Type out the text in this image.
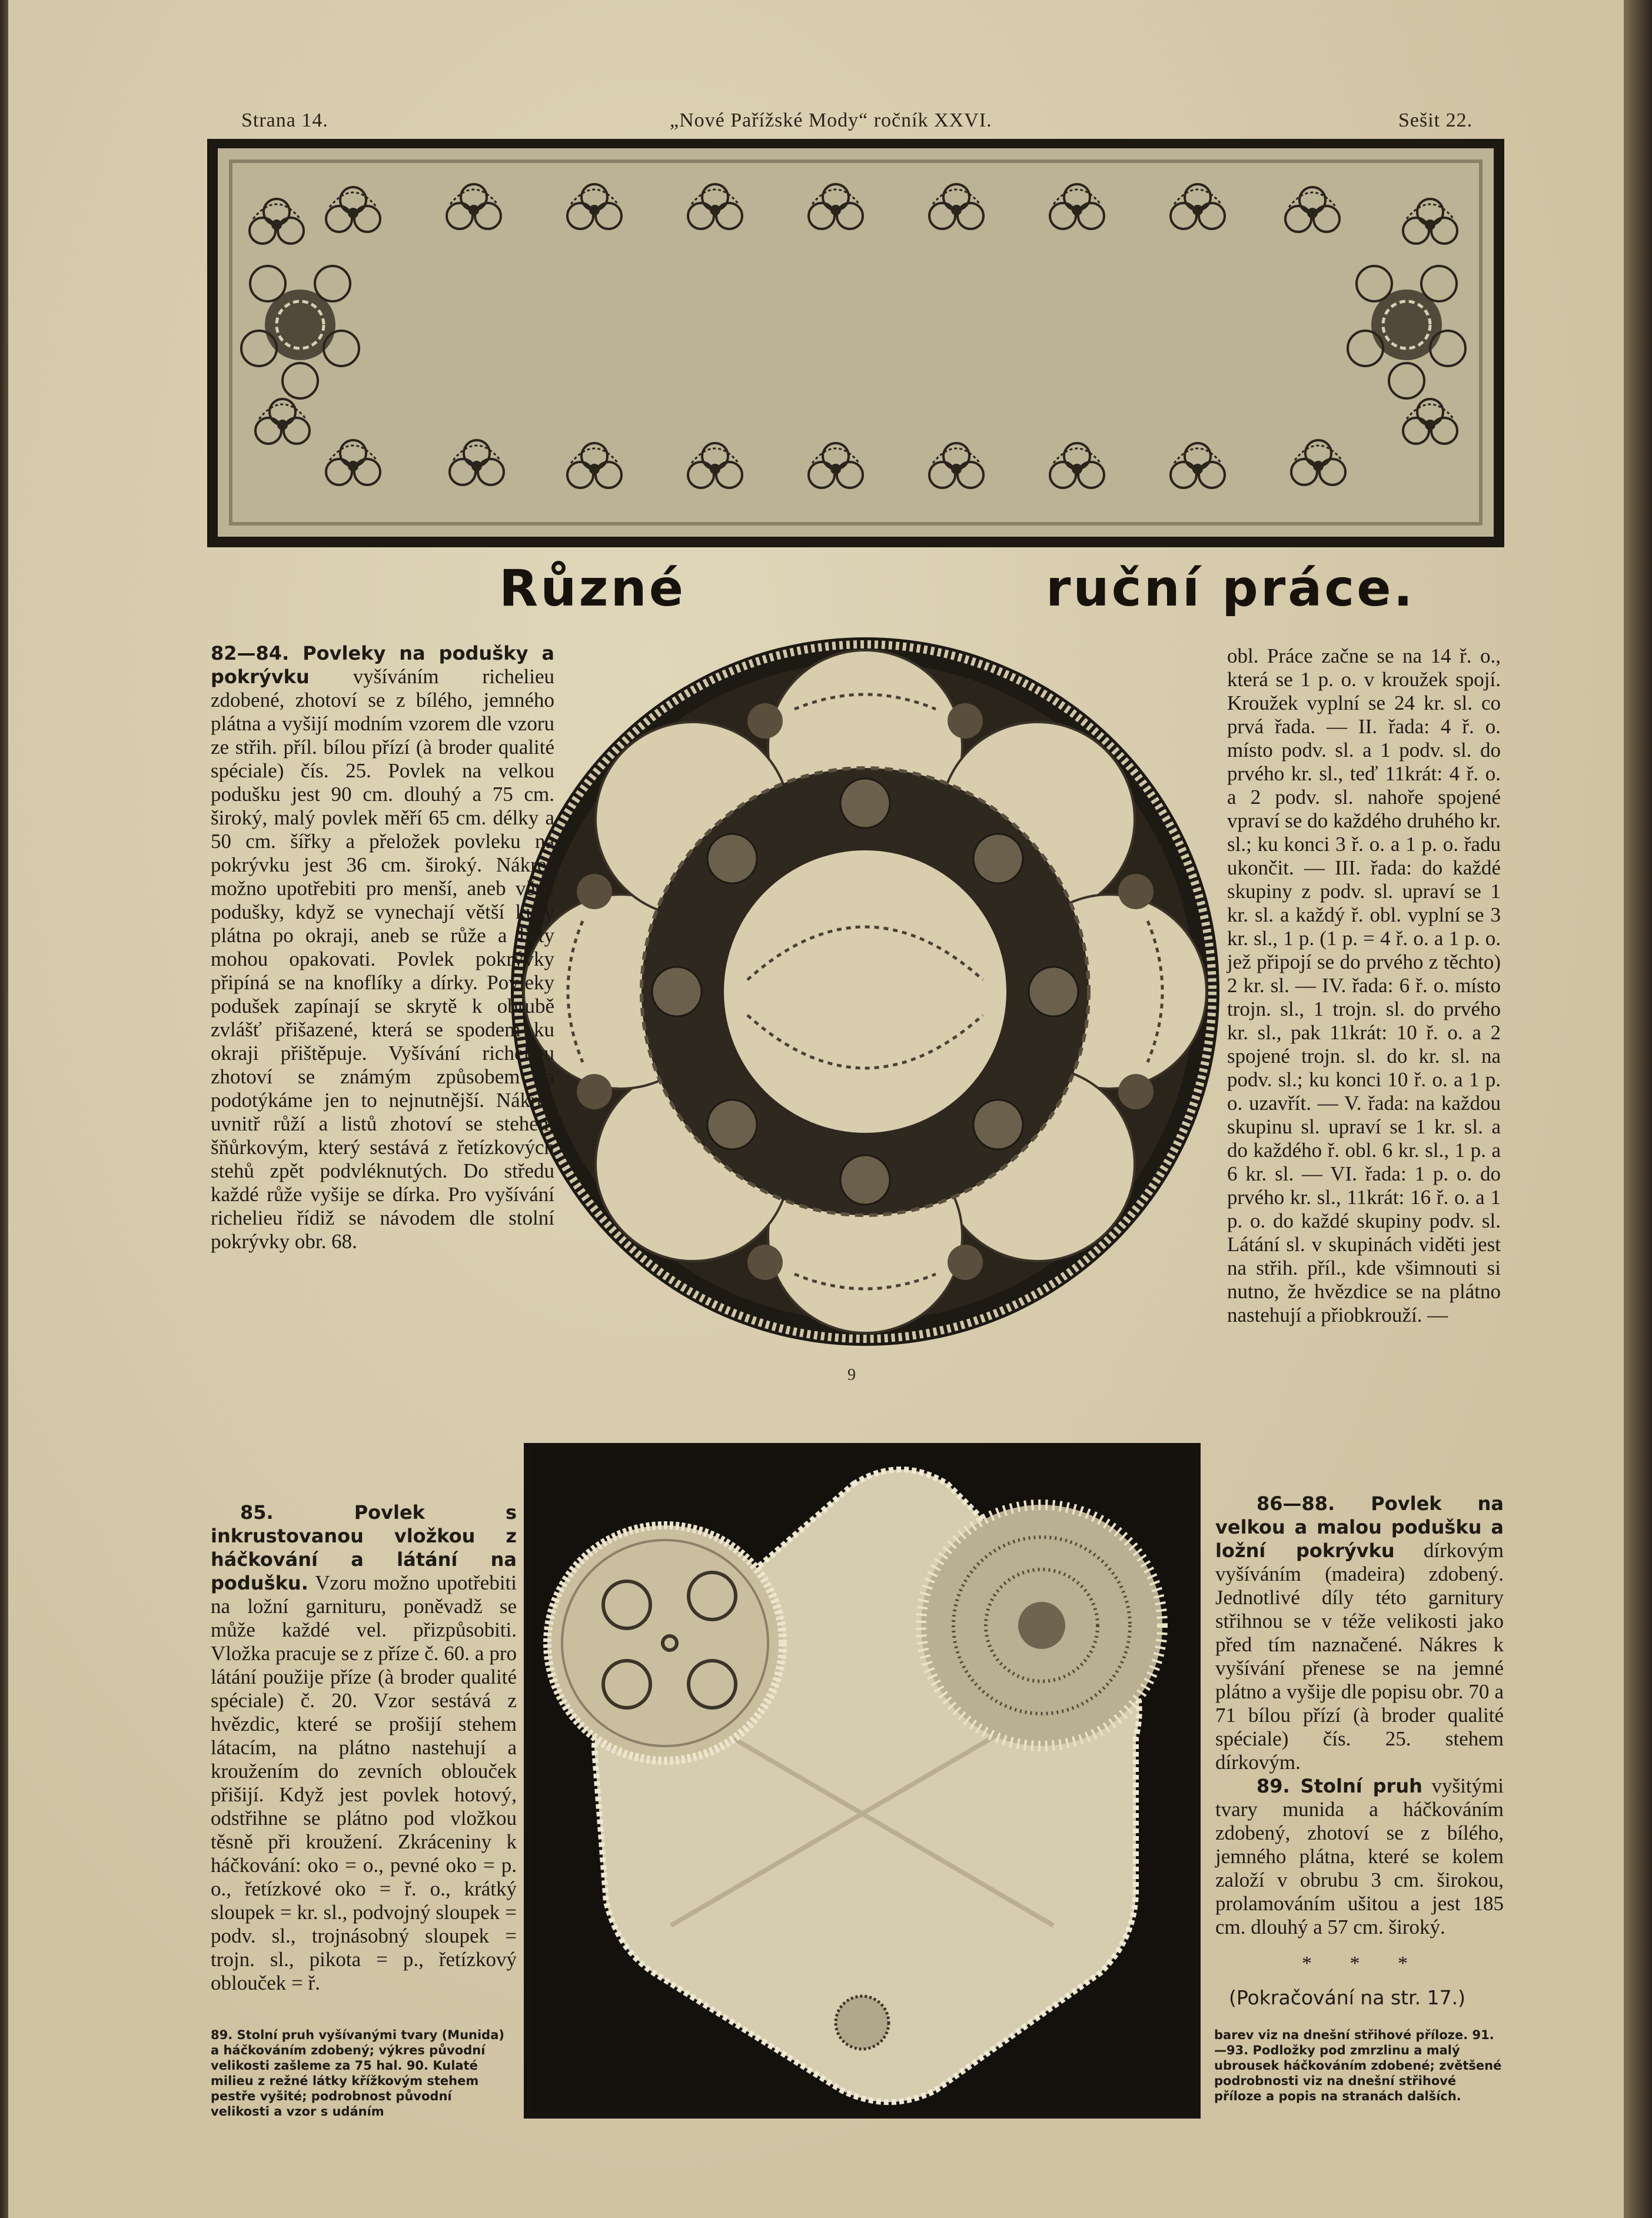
Strana 14.	„Nové Pařížské Mody“ ročník XXVI.	Sešit 22.
Různé	ruční práce.
9

82—84. Povleky na podušky a pokrývku vyšíváním richelieu zdobené, zhotoví se z bílého, jemného plátna a vyšijí modním vzorem dle vzoru ze střih. příl. bílou přízí (à broder qualité spéciale) čís. 25. Povlek na velkou podušku jest 90 cm. dlouhý a 75 cm. široký, malý povlek měří 65 cm. délky a 50 cm. šířky a přeložek povleku na pokrývku jest 36 cm. široký. Nákres možno upotřebiti pro menší, aneb větší podušky, když se vynechají větší kusy plátna po okraji, aneb se růže a listy mohou opakovati. Povlek pokrývky připíná se na knoflíky a dírky. Povleky podušek zapínají se skrytě k obrubě zvlášť přišazené, která se spodem ku okraji přištěpuje. Vyšívání richelieu zhotoví se známým způsobem a podotýkáme jen to nejnutnější. Nákres uvnitř růží a listů zhotoví se stehem šňůrkovým, který sestává z řetízkových stehů zpět podvléknutých. Do středu každé růže vyšije se dírka. Pro vyšívání richelieu řídiž se návodem dle stolní pokrývky obr. 68.

85. Povlek s inkrustovanou vložkou z háčkování a látání na podušku. Vzoru možno upotřebiti na ložní garnituru, poněvadž se může každé vel. přizpůsobiti. Vložka pracuje se z příze č. 60. a pro látání použije příze (à broder qualité spéciale) č. 20. Vzor sestává z hvězdic, které se prošijí stehem látacím, na plátno nastehují a kroužením do zevních oblouček přišijí. Když jest povlek hotový, odstřihne se plátno pod vložkou těsně při kroužení. Zkráceniny k háčkování: oko = o., pevné oko = p. o., řetízkové oko = ř. o., krátký sloupek = kr. sl., podvojný sloupek = podv. sl., trojnásobný sloupek = trojn. sl., pikota = p., řetízkový oblouček = ř.

obl. Práce začne se na 14 ř. o., která se 1 p. o. v kroužek spojí. Kroužek vyplní se 24 kr. sl. co prvá řada. — II. řada: 4 ř. o. místo podv. sl. a 1 podv. sl. do prvého kr. sl., teď 11krát: 4 ř. o. a 2 podv. sl. nahoře spojené vpraví se do každého druhého kr. sl.; ku konci 3 ř. o. a 1 p. o. řadu ukončit. — III. řada: do každé skupiny z podv. sl. upraví se 1 kr. sl. a každý ř. obl. vyplní se 3 kr. sl., 1 p. (1 p. = 4 ř. o. a 1 p. o. jež připojí se do prvého z těchto) 2 kr. sl. — IV. řada: 6 ř. o. místo trojn. sl., 1 trojn. sl. do prvého kr. sl., pak 11krát: 10 ř. o. a 2 spojené trojn. sl. do kr. sl. na podv. sl.; ku konci 10 ř. o. a 1 p. o. uzavřít. — V. řada: na každou skupinu sl. upraví se 1 kr. sl. a do každého ř. obl. 6 kr. sl., 1 p. a 6 kr. sl. — VI. řada: 1 p. o. do prvého kr. sl., 11krát: 16 ř. o. a 1 p. o. do každé skupiny podv. sl. Látání sl. v skupinách viděti jest na střih. příl., kde všimnouti si nutno, že hvězdice se na plátno nastehují a přiobkrouží. —

86—88. Povlek na velkou a malou podušku a ložní pokrývku dírkovým vyšíváním (madeira) zdobený. Jednotlivé díly této garnitury střihnou se v téže velikosti jako před tím naznačené. Nákres k vyšívání přenese se na jemné plátno a vyšije dle popisu obr. 70 a 71 bílou přízí (à broder qualité spéciale) čís. 25. stehem dírkovým.

89. Stolní pruh vyšitými tvary munida a háčkováním zdobený, zhotoví se z bílého, jemného plátna, které se kolem založí v obrubu 3 cm. širokou, prolamováním ušitou a jest 185 cm. dlouhý a 57 cm. široký.

* * *
(Pokračování na str. 17.)
89. Stolní pruh vyšívanými tvary (Munida) a háčkováním zdobený; výkres původní velikosti zašleme za 75 hal. 90. Kulaté milieu z režné látky křížkovým stehem pestře vyšité; podrobnost původní velikosti a vzor s udáním
barev viz na dnešní střihové příloze. 91.—93. Podložky pod zmrzlinu a malý ubrousek háčkováním zdobené; zvětšené podrobnosti viz na dnešní střihové příloze a popis na stranách dalších.
